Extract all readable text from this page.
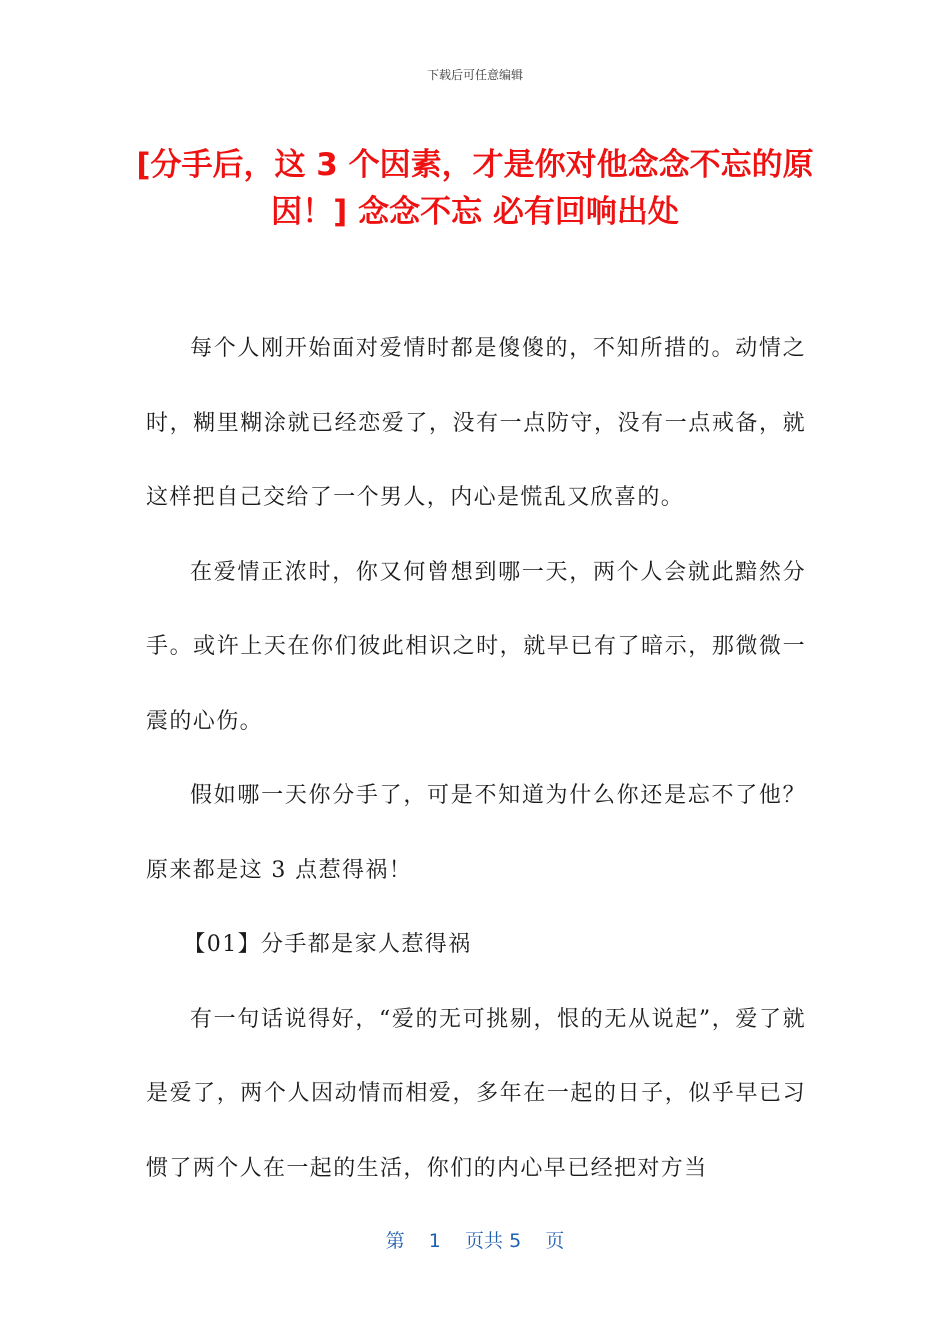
下载后可任意编辑
[分手后，这 3 个因素，才是你对他念念不忘的原因！] 念念不忘 必有回响出处

每个人刚开始面对爱情时都是傻傻的，不知所措的。动情之时，糊里糊涂就已经恋爱了，没有一点防守，没有一点戒备，就这样把自己交给了一个男人，内心是慌乱又欣喜的。

在爱情正浓时，你又何曾想到哪一天，两个人会就此黯然分手。或许上天在你们彼此相识之时，就早已有了暗示，那微微一震的心伤。

假如哪一天你分手了，可是不知道为什么你还是忘不了他？原来都是这 3 点惹得祸！

【01】分手都是家人惹得祸

有一句话说得好，“爱的无可挑剔，恨的无从说起”，爱了就是爱了，两个人因动情而相爱，多年在一起的日子，似乎早已习惯了两个人在一起的生活，你们的内心早已经把对方当

第 1 页共 5 页
